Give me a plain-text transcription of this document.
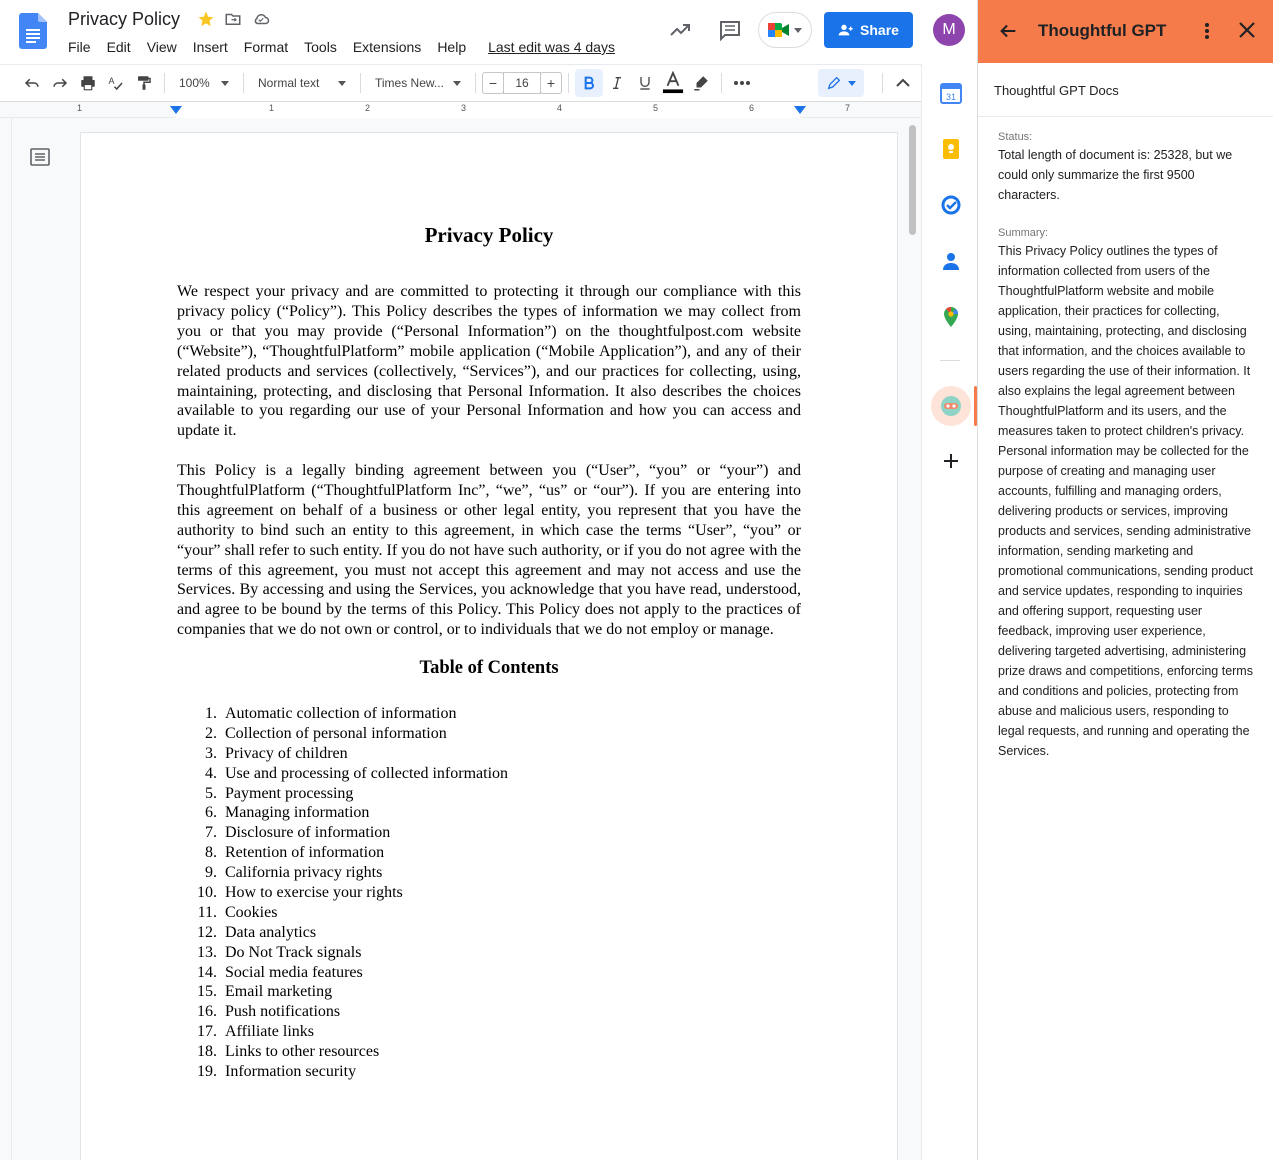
Privacy Policy
File	Edit	View	Insert	Format	Tools	Extensions	Help	Last edit was 4 days
Share	M
A	100%	Normal text	Times New...	−	16	+
1	1	2	3	4	5	6	7
Privacy Policy

We respect your privacy and are committed to protecting it through our compliance with this privacy policy (“Policy”). This Policy describes the types of information we may collect from you or that you may provide (“Personal Information”) on the thoughtfulpost.com website (“Website”), “ThoughtfulPlatform” mobile application (“Mobile Application”), and any of their related products and services (collectively, “Services”), and our practices for collecting, using, maintaining, protecting, and disclosing that Personal Information. It also describes the choices available to you regarding our use of your Personal Information and how you can access and update it.

This Policy is a legally binding agreement between you (“User”, “you” or “your”) and ThoughtfulPlatform (“ThoughtfulPlatform Inc”, “we”, “us” or “our”). If you are entering into this agreement on behalf of a business or other legal entity, you represent that you have the authority to bind such an entity to this agreement, in which case the terms “User”, “you” or “your” shall refer to such entity. If you do not have such authority, or if you do not agree with the terms of this agreement, you must not accept this agreement and may not access and use the Services. By accessing and using the Services, you acknowledge that you have read, understood, and agree to be bound by the terms of this Policy. This Policy does not apply to the practices of companies that we do not own or control, or to individuals that we do not employ or manage.

Table of Contents
1. Automatic collection of information
2. Collection of personal information
3. Privacy of children
4. Use and processing of collected information
5. Payment processing
6. Managing information
7. Disclosure of information
8. Retention of information
9. California privacy rights
10. How to exercise your rights
11. Cookies
12. Data analytics
13. Do Not Track signals
14. Social media features
15. Email marketing
16. Push notifications
17. Affiliate links
18. Links to other resources
19. Information security
31
Thoughtful GPT
Thoughtful GPT Docs
Status:
Total length of document is: 25328, but we could only summarize the first 9500 characters.
Summary:
This Privacy Policy outlines the types of information collected from users of the ThoughtfulPlatform website and mobile application, their practices for collecting, using, maintaining, protecting, and disclosing that information, and the choices available to users regarding the use of their information. It also explains the legal agreement between ThoughtfulPlatform and its users, and the measures taken to protect children's privacy. Personal information may be collected for the purpose of creating and managing user accounts, fulfilling and managing orders, delivering products or services, improving products and services, sending administrative information, sending marketing and promotional communications, sending product and service updates, responding to inquiries and offering support, requesting user feedback, improving user experience, delivering targeted advertising, administering prize draws and competitions, enforcing terms and conditions and policies, protecting from abuse and malicious users, responding to legal requests, and running and operating the Services.
